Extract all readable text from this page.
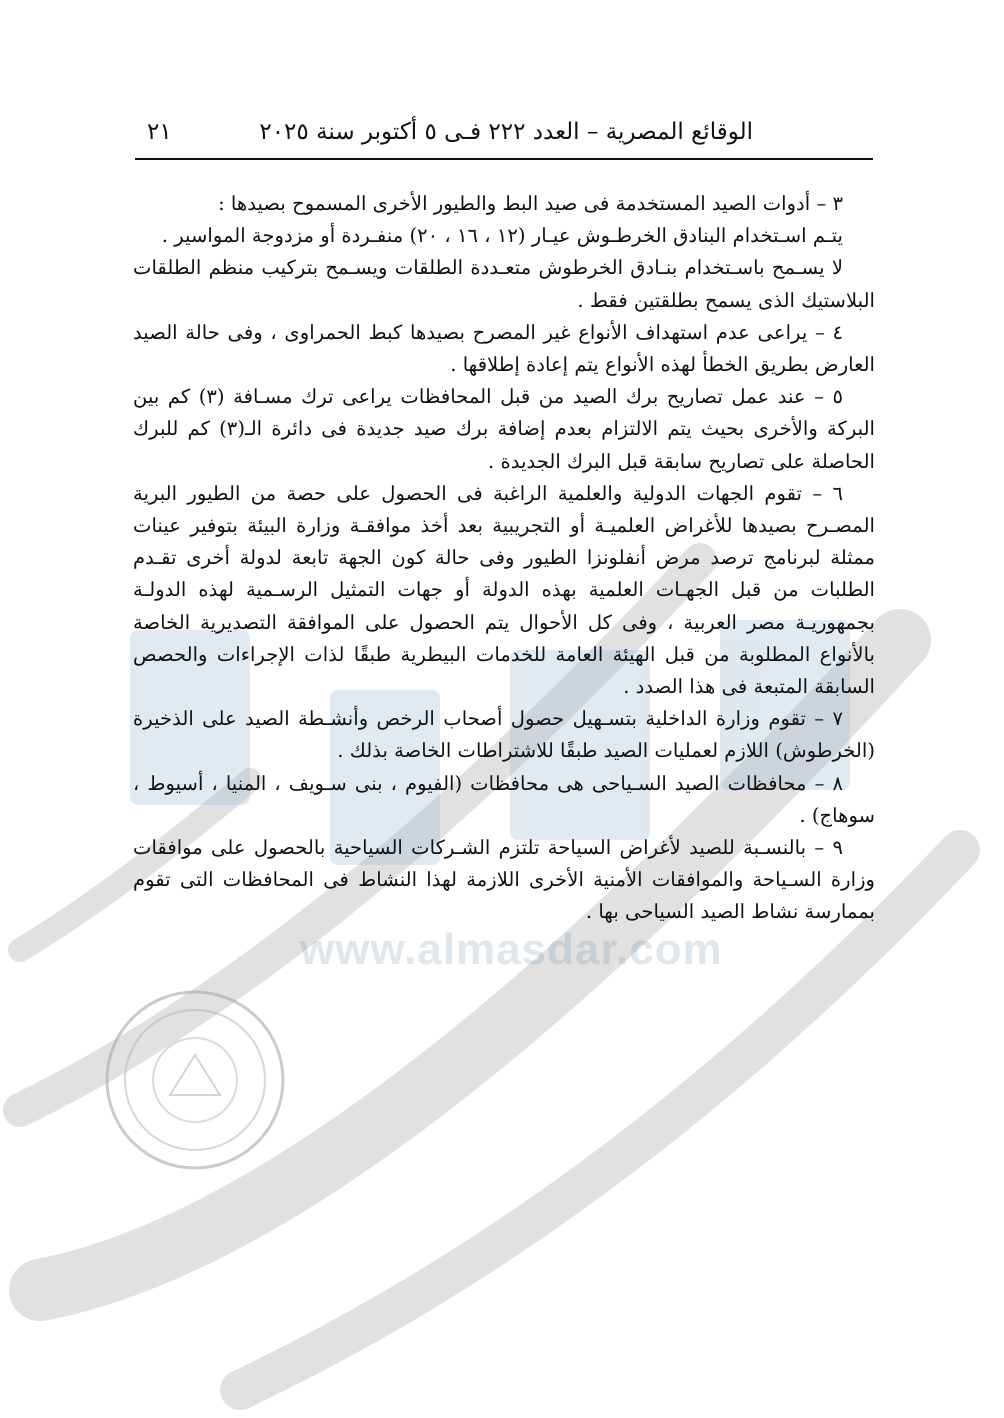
www.almasdar.com
الوقائع المصرية – العدد ٢٢٢ فـى ٥ أكتوبر سنة ٢٠٢٥
٢١

٣ – أدوات الصيد المستخدمة فى صيد البط والطيور الأخرى المسموح بصيدها :

يتـم اسـتخدام البنادق الخرطـوش عيـار (١٢ ، ١٦ ، ٢٠) منفـردة أو مزدوجة المواسير .

لا يسـمح باسـتخدام بنـادق الخرطوش متعـددة الطلقات ويسـمح بتركيب منظم الطلقات البلاستيك الذى يسمح بطلقتين فقط .

٤ – يراعى عدم استهداف الأنواع غير المصرح بصيدها كبط الحمراوى ، وفى حالة الصيد العارض بطريق الخطأ لهذه الأنواع يتم إعادة إطلاقها .

٥ – عند عمل تصاريح برك الصيد من قبل المحافظات يراعى ترك مسـافة (٣) كم بين البركة والأخرى بحيث يتم الالتزام بعدم إضافة برك صيد جديدة فى دائرة الـ(٣) كم للبرك الحاصلة على تصاريح سابقة قبل البرك الجديدة .

٦ – تقوم الجهات الدولية والعلمية الراغبة فى الحصول على حصة من الطيور البرية المصـرح بصيدها للأغراض العلميـة أو التجريبية بعد أخذ موافقـة وزارة البيئة بتوفير عينات ممثلة لبرنامج ترصد مرض أنفلونزا الطيور وفى حالة كون الجهة تابعة لدولة أخرى تقـدم الطلبات من قبل الجهـات العلمية بهذه الدولة أو جهات التمثيل الرسـمية لهذه الدولـة بجمهوريـة مصر العربية ، وفى كل الأحوال يتم الحصول على الموافقة التصديرية الخاصة بالأنواع المطلوبة من قبل الهيئة العامة للخدمات البيطرية طبقًا لذات الإجراءات والحصص السابقة المتبعة فى هذا الصدد .

٧ – تقوم وزارة الداخلية بتسـهيل حصول أصحاب الرخص وأنشـطة الصيد على الذخيرة (الخرطوش) اللازم لعمليات الصيد طبقًا للاشتراطات الخاصة بذلك .

٨ – محافظات الصيد السـياحى هى محافظات (الفيوم ، بنى سـويف ، المنيا ، أسيوط ، سوهاج) .

٩ – بالنسـبة للصيد لأغراض السياحة تلتزم الشـركات السياحية بالحصول على موافقات وزارة السـياحة والموافقات الأمنية الأخرى اللازمة لهذا النشاط فى المحافظات التى تقوم بممارسة نشاط الصيد السياحى بها .
